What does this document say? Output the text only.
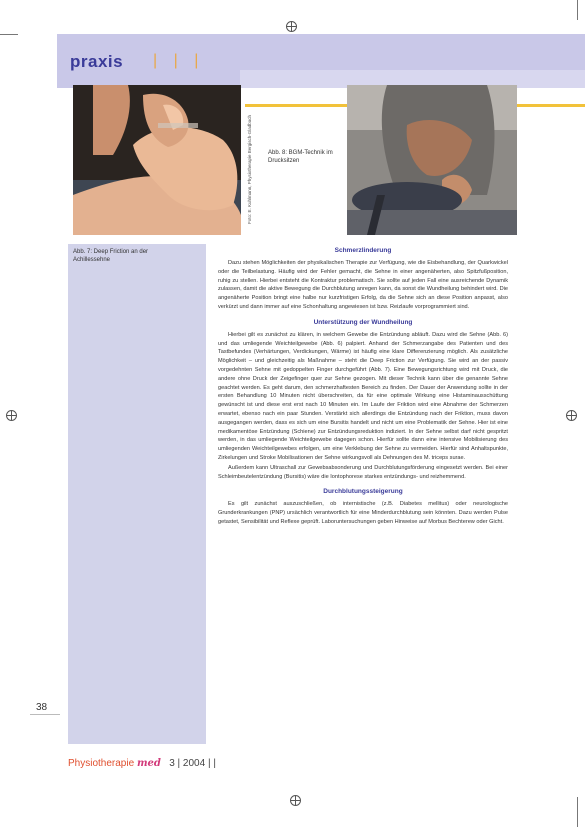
praxis | | |
Foto: E. Kuhlmann, Physiotherapie Bergisch-Gladbach	Abb. 8: BGM-Technik im Drucksitzen
Abb. 7: Deep Friction an der Achillessehne
38
Schmerzlinderung

Dazu stehen Möglichkeiten der physikalischen Therapie zur Verfügung, wie die Eisbehandlung, der Quarkwickel oder die Teilbelastung. Häufig wird der Fehler gemacht, die Sehne in einer angenäherten, also Spitzfußposition, ruhig zu stellen. Hierbei entsteht die Kontraktur problematisch. Sie sollte auf jeden Fall eine ausreichende Dynamik zulassen, damit die aktive Bewegung die Durchblutung anregen kann, da sonst die Wundheilung behindert wird. Die angenäherte Position bringt eine halbe nur kurzfristigen Erfolg, da die Sehne sich an diese Position anpasst, also verkürzt und dann immer auf eine Schonhaltung angewiesen ist bzw. Reizlaufe vorprogrammiert sind.

Unterstützung der Wundheilung

Hierbei gilt es zunächst zu klären, in welchem Gewebe die Entzündung abläuft. Dazu wird die Sehne (Abb. 6) und das umliegende Weichteilgewebe (Abb. 6) palpiert. Anhand der Schmerzangabe des Patienten und des Tastbefundes (Verhärtungen, Verdickungen, Wärme) ist häufig eine klare Differenzierung möglich. Als zusätzliche Möglichkeit – und gleichzeitig als Maßnahme – steht die Deep Friction zur Verfügung. Sie wird an der passiv vorgedehnten Sehne mit gedoppelten Finger durchgeführt (Abb. 7). Eine Bewegungsrichtung wird mit Druck, die andere ohne Druck der Zeigefinger quer zur Sehne gezogen. Mit dieser Technik kann über die genannte Sehne geachtet werden. Es geht darum, den schmerzhaftesten Bereich zu finden. Der Dauer der Anwendung sollte in der ersten Behandlung 10 Minuten nicht überschreiten, da für eine optimale Wirkung eine Histaminausschüttung gewünscht ist und diese erst erst nach 10 Minuten ein. Im Laufe der Friktion wird eine Abnahme der Schmerzen erwartet, ebenso nach ein paar Stunden. Verstärkt sich allerdings die Entzündung nach der Friktion, muss davon ausgegangen werden, dass es sich um eine Bursitis handelt und nicht um eine Problematik der Sehne. Hier ist eine medikamentöse Entzündung (Schiene) zur Entzündungsreduktion indiziert. In der Sehne selbst darf nicht gespritzt werden, in das umliegende Weichteilgewebe dagegen schon. Hierfür sollte dann eine intensive Mobilisierung des umliegenden Weichteilgewebes erfolgen, um eine Verklebung der Sehne zu vermeiden. Hierfür sind Anhaltspunkte, Zirkelungen und Stroke Mobilisationen der Sehne wirkungsvoll als Dehnungen des M. triceps surae.

Außerdem kann Ultraschall zur Gewebsabsonderung und Durchblutungsförderung eingesetzt werden. Bei einer Schleimbeutelentzündung (Bursitis) wäre die Iontophorese starkes entzündungs- und reizhemmend.

Durchblutungssteigerung

Es gilt zunächst auszuschließen, ob internistische (z.B. Diabetes mellitus) oder neurologische Grunderkrankungen (PNP) ursächlich verantwortlich für eine Minderdurchblutung sein könnten. Dazu werden Pulse getastet, Sensibilität und Reflexe geprüft. Laboruntersuchungen geben Hinweise auf Morbus Bechterew oder Gicht.

Physiotherapie med 3 | 2004 | |
